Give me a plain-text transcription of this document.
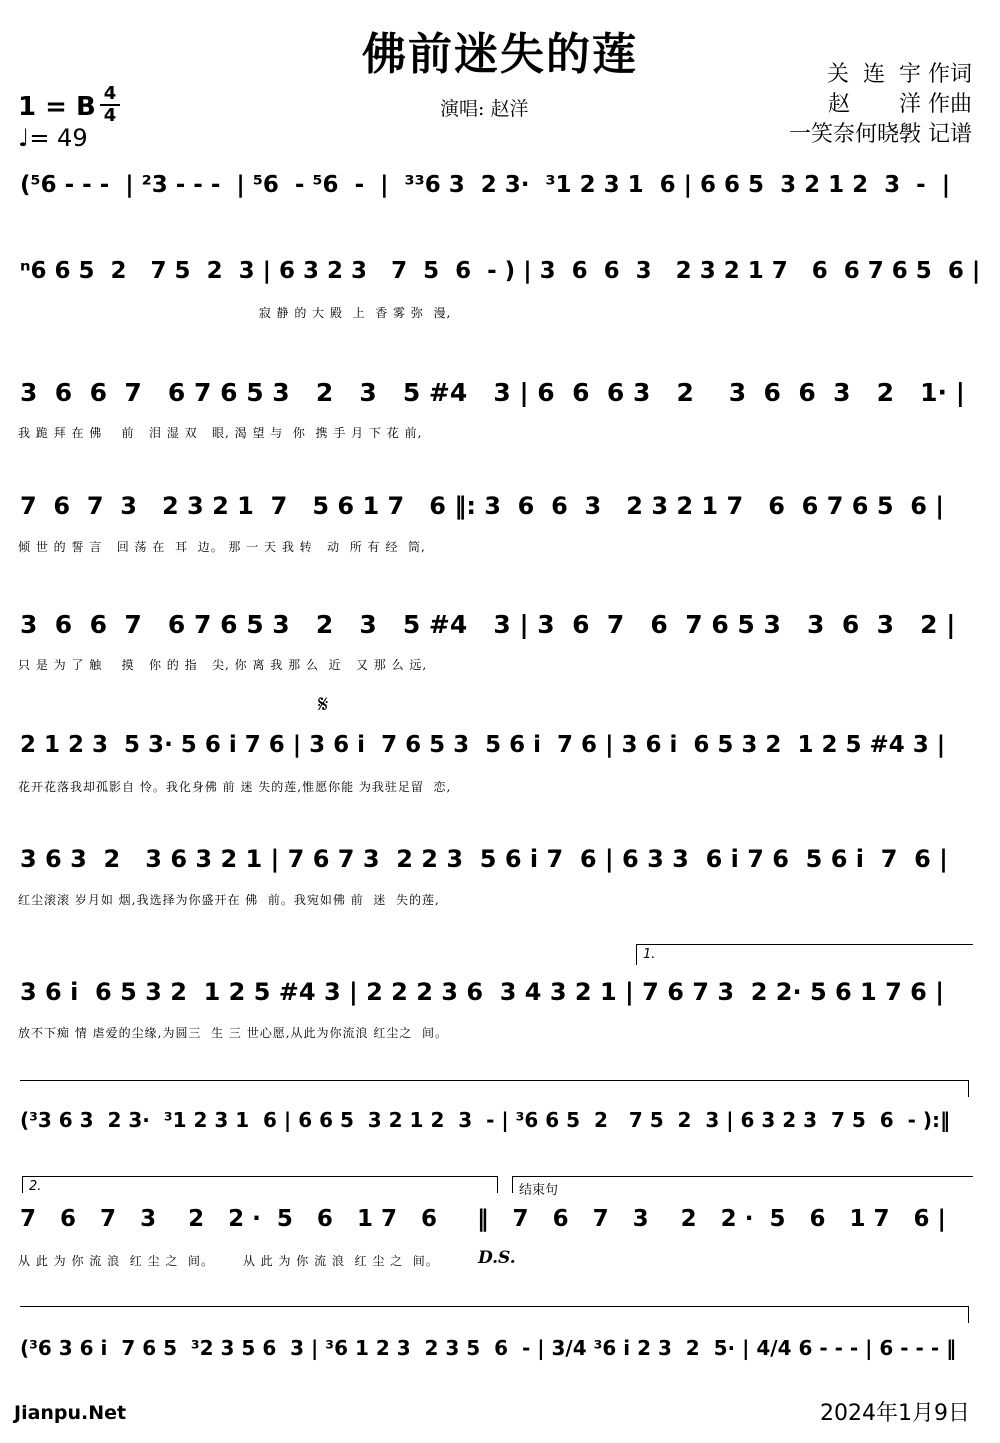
佛前迷失的莲	关  连  宇 作词
赵       洋 作曲
一笑奈何晓斅 记谱
1 = B 4
4
♩= 49
演唱: 赵洋
(⁵6 - - -  | ²3 - - -  | ⁵6  - ⁵6  -  |  ³³6 3  2 3·  ³1 2 3 1  6 | 6 6 5  3 2 1 2  3  -  |
ⁿ6 6 5  2   7 5  2  3 | 6 3 2 3   7  5  6  - ) | 3  6  6  3   2 3 2 1 7   6  6 7 6 5  6 |
寂 静 的 大 殿  上  香 雾 弥  漫,
3  6  6  7   6 7 6 5 3   2   3   5 #4   3 | 6  6  6 3   2    3  6  6  3   2   1· |
我 跪 拜 在 佛    前   泪 湿 双   眼, 渴 望 与  你  携 手 月 下 花 前,
7  6  7  3   2 3 2 1  7   5 6 1 7   6 ‖: 3  6  6  3   2 3 2 1 7   6  6 7 6 5  6 |
倾 世 的 誓 言   回 荡 在  耳  边。 那 一 天 我 转   动  所 有 经  筒,
3  6  6  7   6 7 6 5 3   2   3   5 #4   3 | 3  6  7   6  7 6 5 3   3  6  3   2 |
只 是 为 了 触    摸   你 的 指   尖, 你 离 我 那 么  近   又 那 么 远,
𝄋
2 1 2 3  5 3· 5 6 i 7 6 | 3 6 i  7 6 5 3  5 6 i  7 6 | 3 6 i  6 5 3 2  1 2 5 #4 3 |
花开花落我却孤影自 怜。我化身佛 前 迷 失的莲,惟愿你能 为我驻足留  恋,
3 6 3  2   3 6 3 2 1 | 7 6 7 3  2 2 3  5 6 i 7  6 | 6 3 3  6 i 7 6  5 6 i  7  6 |
红尘滚滚 岁月如 烟,我选择为你盛开在 佛  前。我宛如佛 前  迷  失的莲,
1.
3 6 i  6 5 3 2  1 2 5 #4 3 | 2 2 2 3 6  3 4 3 2 1 | 7 6 7 3  2 2· 5 6 1 7 6 |
放不下痴 情 虐爱的尘缘,为圆三  生 三 世心愿,从此为你流浪 红尘之  间。
(³3 6 3  2 3·  ³1 2 3 1  6 | 6 6 5  3 2 1 2  3  - | ³6 6 5  2   7 5  2  3 | 6 3 2 3  7 5  6  - ):‖
2.	结束句
7   6   7   3    2   2 ·  5   6   1 7   6     ‖   7   6   7   3    2   2 ·  5   6   1 7   6 |
从 此 为 你 流 浪  红 尘 之  间。      从 此 为 你 流 浪  红 尘 之  间。	D.S.
(³6 3 6 i  7 6 5  ³2 3 5 6  3 | ³6 1 2 3  2 3 5  6  - | 3/4 ³6 i 2 3  2  5· | 4/4 6 - - - | 6 - - - ‖
Jianpu.Net	2024年1月9日
